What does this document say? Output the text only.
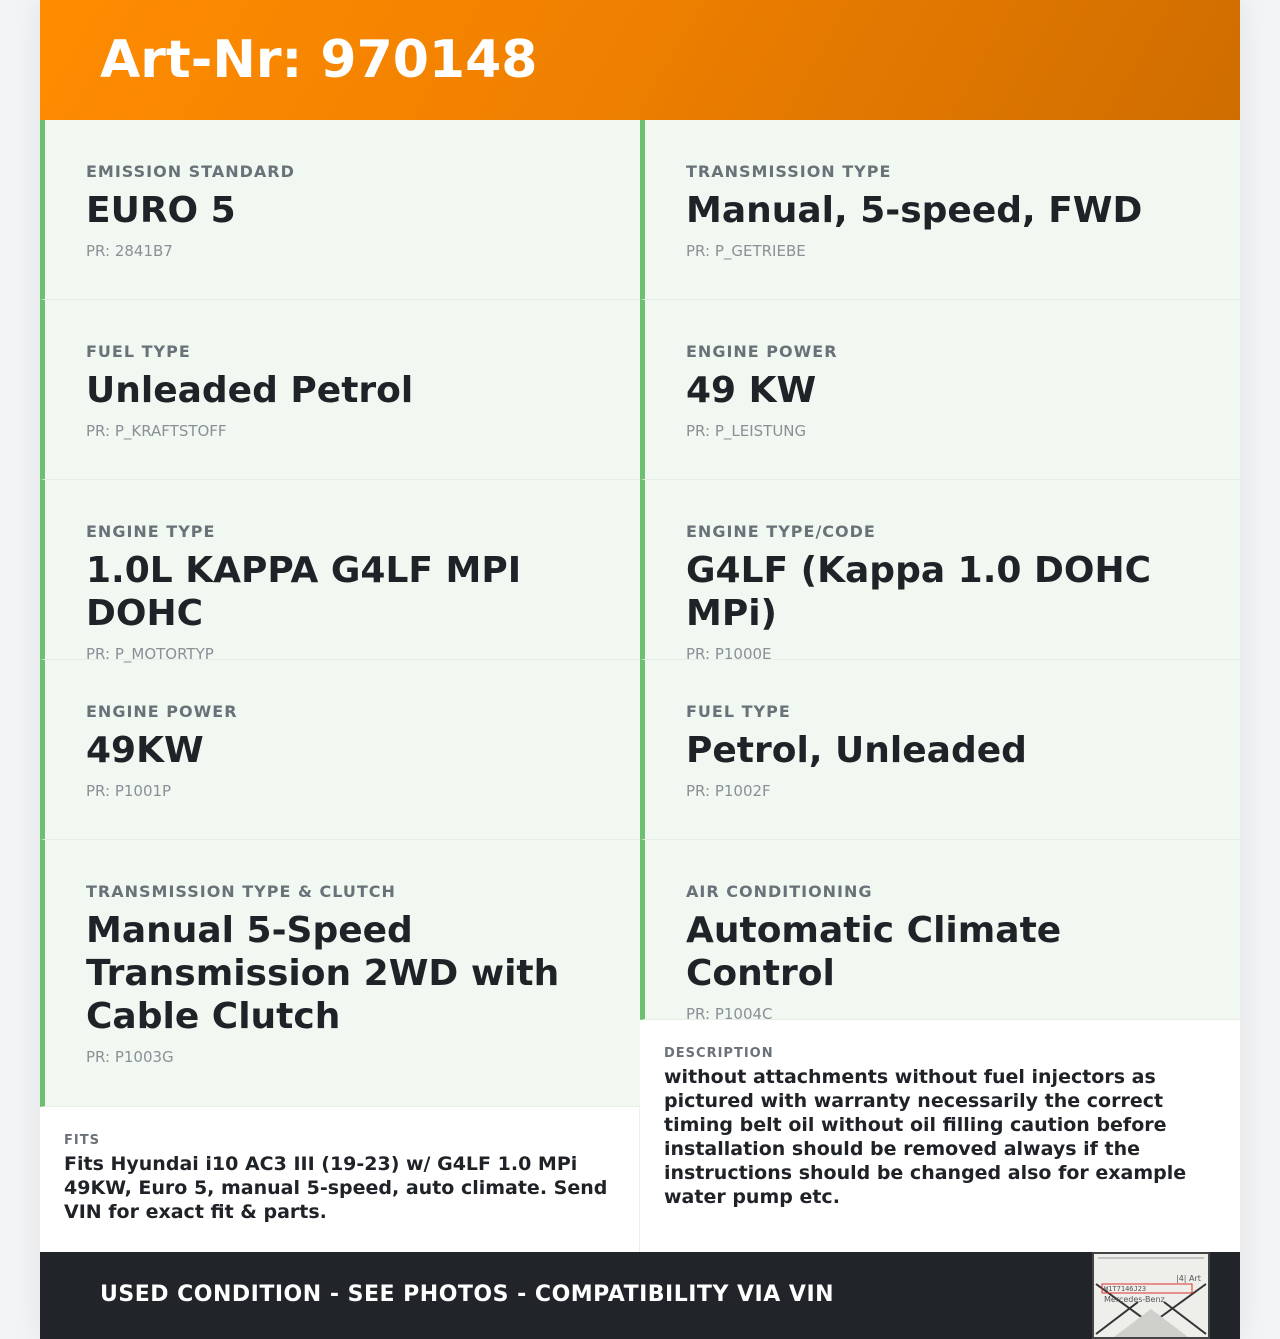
Art-Nr: 970148
EMISSION STANDARD
EURO 5
PR: 2841B7
FUEL TYPE
Unleaded Petrol
PR: P_KRAFTSTOFF
ENGINE TYPE
1.0L KAPPA G4LF MPI DOHC
PR: P_MOTORTYP
ENGINE POWER
49KW
PR: P1001P
TRANSMISSION TYPE & CLUTCH
Manual 5-Speed Transmission 2WD with Cable Clutch
PR: P1003G
FITS
Fits Hyundai i10 AC3 III (19-23) w/ G4LF 1.0 MPi 49KW, Euro 5, manual 5-speed, auto climate. Send VIN for exact fit & parts.
TRANSMISSION TYPE
Manual, 5-speed, FWD
PR: P_GETRIEBE
ENGINE POWER
49 KW
PR: P_LEISTUNG
ENGINE TYPE/CODE
G4LF (Kappa 1.0 DOHC MPi)
PR: P1000E
FUEL TYPE
Petrol, Unleaded
PR: P1002F
AIR CONDITIONING
Automatic Climate Control
PR: P1004C
DESCRIPTION
without attachments without fuel injectors as pictured with warranty necessarily the correct timing belt oil without oil filling caution before installation should be removed always if the instructions should be changed also for example water pump etc.
USED CONDITION - SEE PHOTOS - COMPATIBILITY VIA VIN
|4| Art
W1T7146J23
Mercedes-Benz
